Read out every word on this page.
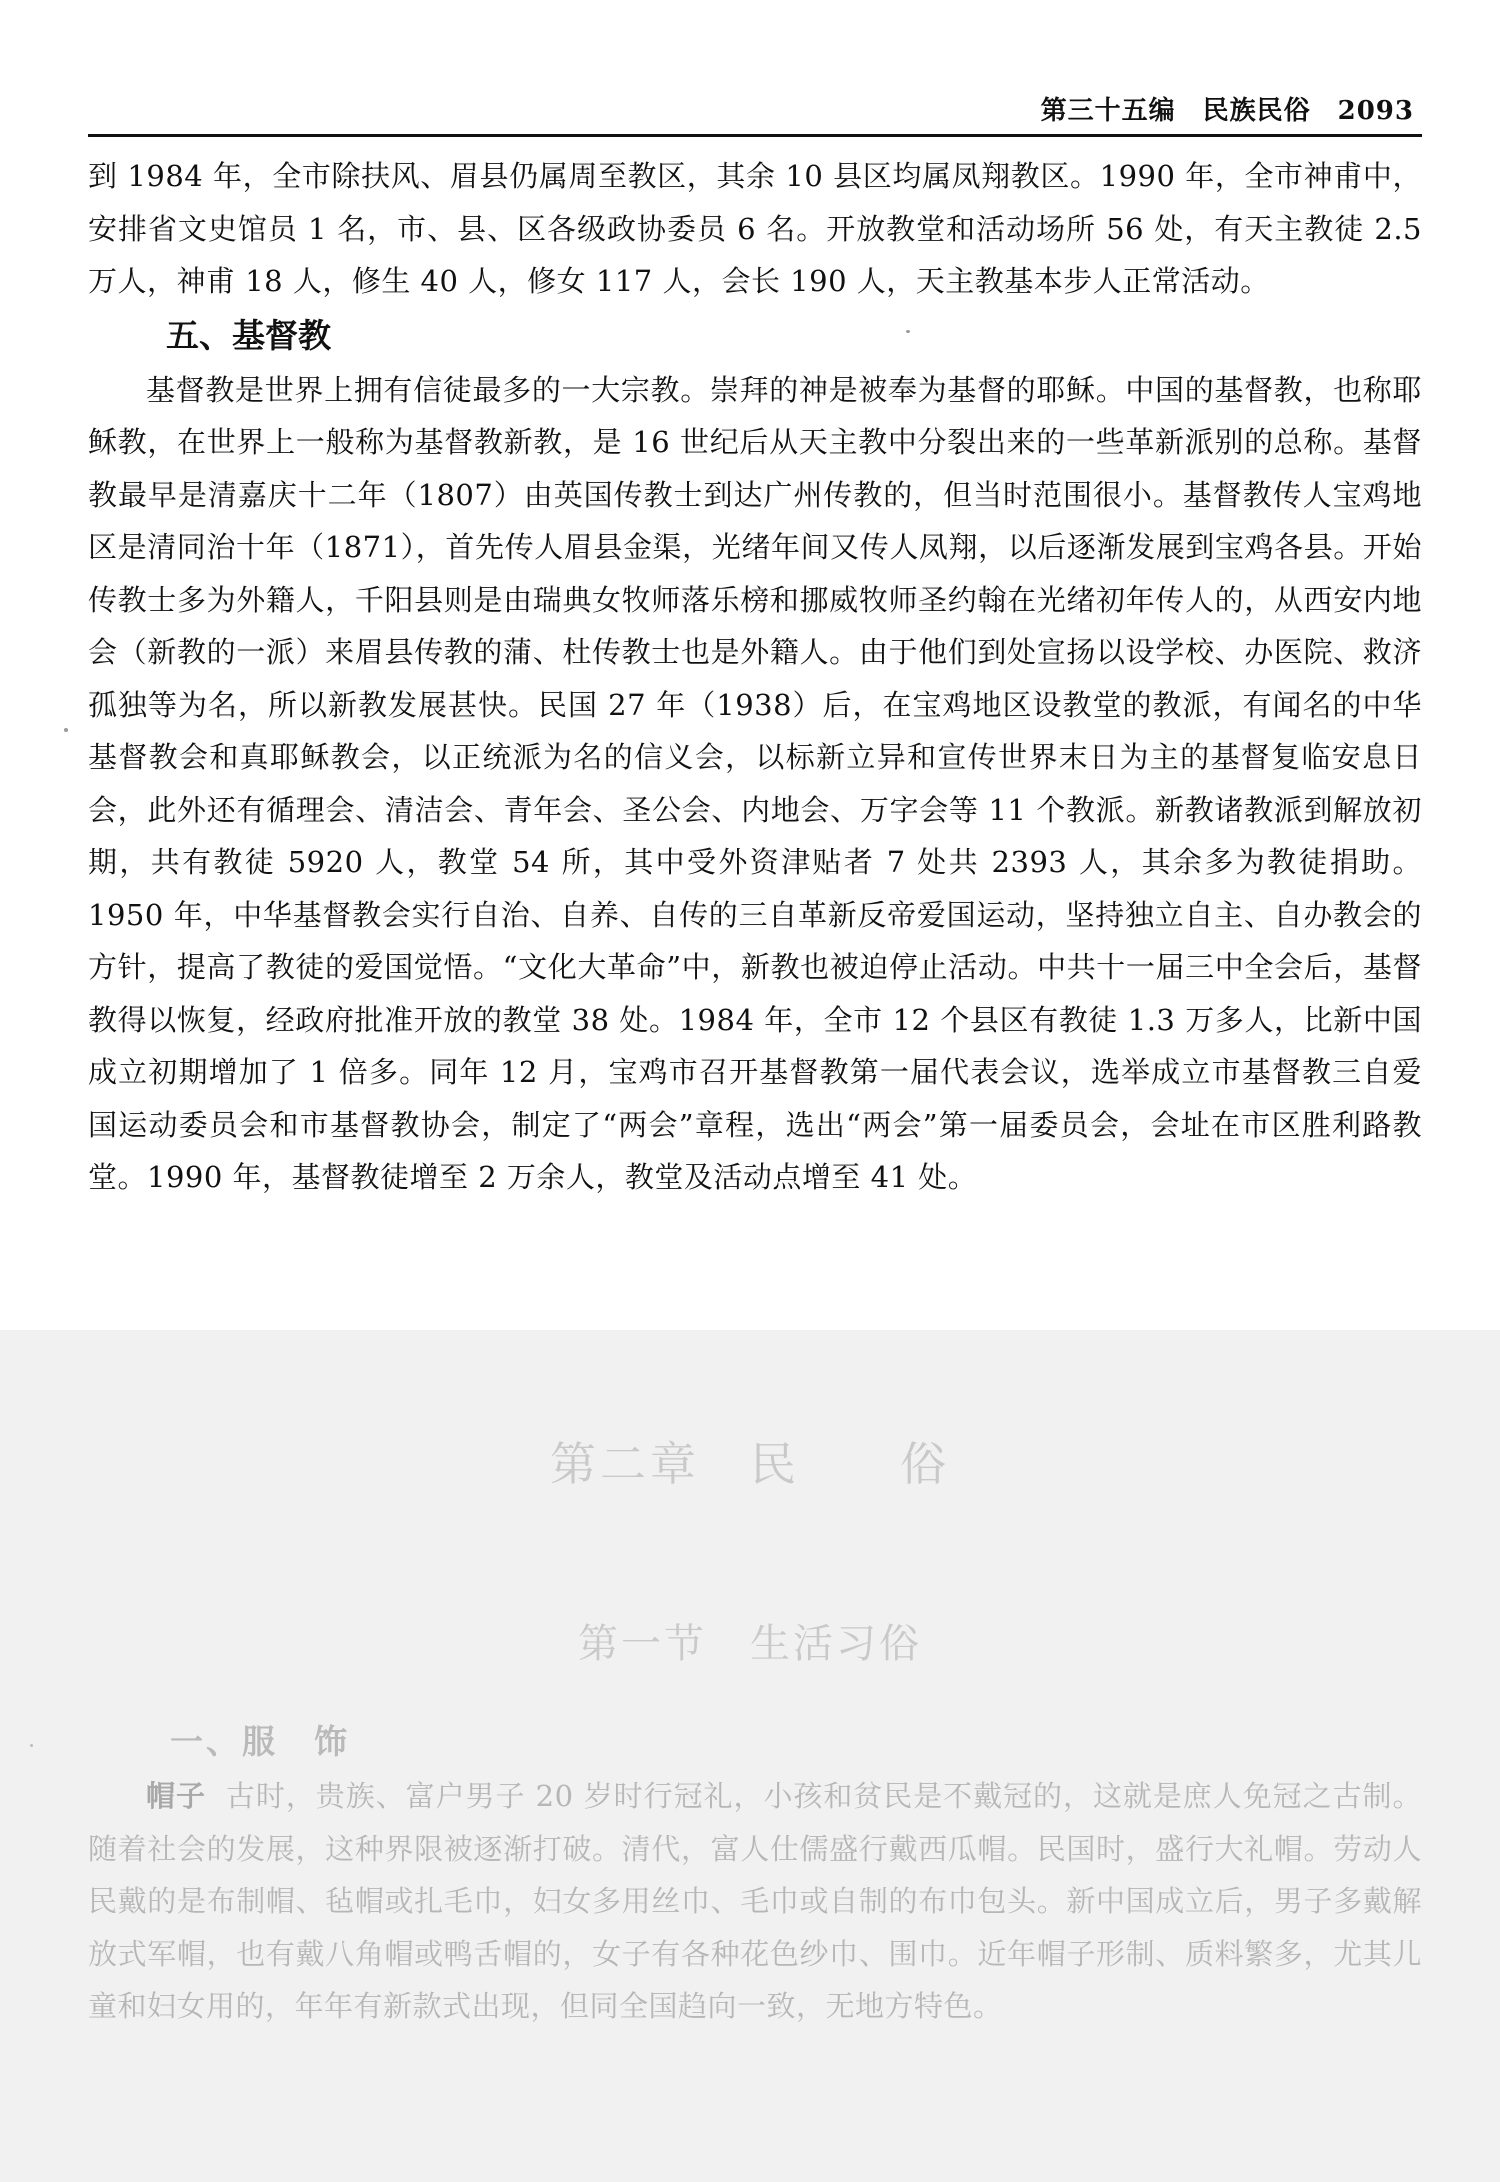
第三十五编　民族民俗　2093

到 1984 年，全市除扶风、眉县仍属周至教区，其余 10 县区均属凤翔教区。1990 年，全市神甫中，安排省文史馆员 1 名，市、县、区各级政协委员 6 名。开放教堂和活动场所 56 处，有天主教徒 2.5 万人，神甫 18 人，修生 40 人，修女 117 人，会长 190 人，天主教基本步人正常活动。

五、基督教

基督教是世界上拥有信徒最多的一大宗教。崇拜的神是被奉为基督的耶稣。中国的基督教，也称耶稣教，在世界上一般称为基督教新教，是 16 世纪后从天主教中分裂出来的一些革新派别的总称。基督教最早是清嘉庆十二年（1807）由英国传教士到达广州传教的，但当时范围很小。基督教传人宝鸡地区是清同治十年（1871），首先传人眉县金渠，光绪年间又传人凤翔，以后逐渐发展到宝鸡各县。开始传教士多为外籍人，千阳县则是由瑞典女牧师落乐榜和挪威牧师圣约翰在光绪初年传人的，从西安内地会（新教的一派）来眉县传教的蒲、杜传教士也是外籍人。由于他们到处宣扬以设学校、办医院、救济孤独等为名，所以新教发展甚快。民国 27 年（1938）后，在宝鸡地区设教堂的教派，有闻名的中华基督教会和真耶稣教会，以正统派为名的信义会，以标新立异和宣传世界末日为主的基督复临安息日会，此外还有循理会、清洁会、青年会、圣公会、内地会、万字会等 11 个教派。新教诸教派到解放初期，共有教徒 5920 人，教堂 54 所，其中受外资津贴者 7 处共 2393 人，其余多为教徒捐助。1950 年，中华基督教会实行自治、自养、自传的三自革新反帝爱国运动，坚持独立自主、自办教会的方针，提高了教徒的爱国觉悟。“文化大革命”中，新教也被迫停止活动。中共十一届三中全会后，基督教得以恢复，经政府批准开放的教堂 38 处。1984 年，全市 12 个县区有教徒 1.3 万多人，比新中国成立初期增加了 1 倍多。同年 12 月，宝鸡市召开基督教第一届代表会议，选举成立市基督教三自爱国运动委员会和市基督教协会，制定了“两会”章程，选出“两会”第一届委员会，会址在市区胜利路教堂。1990 年，基督教徒增至 2 万余人，教堂及活动点增至 41 处。

第二章　民　　俗
第一节　生活习俗
一、服　饰

帽子 古时，贵族、富户男子 20 岁时行冠礼，小孩和贫民是不戴冠的，这就是庶人免冠之古制。随着社会的发展，这种界限被逐渐打破。清代，富人仕儒盛行戴西瓜帽。民国时，盛行大礼帽。劳动人民戴的是布制帽、毡帽或扎毛巾，妇女多用丝巾、毛巾或自制的布巾包头。新中国成立后，男子多戴解放式军帽，也有戴八角帽或鸭舌帽的，女子有各种花色纱巾、围巾。近年帽子形制、质料繁多，尤其儿童和妇女用的，年年有新款式出现，但同全国趋向一致，无地方特色。
